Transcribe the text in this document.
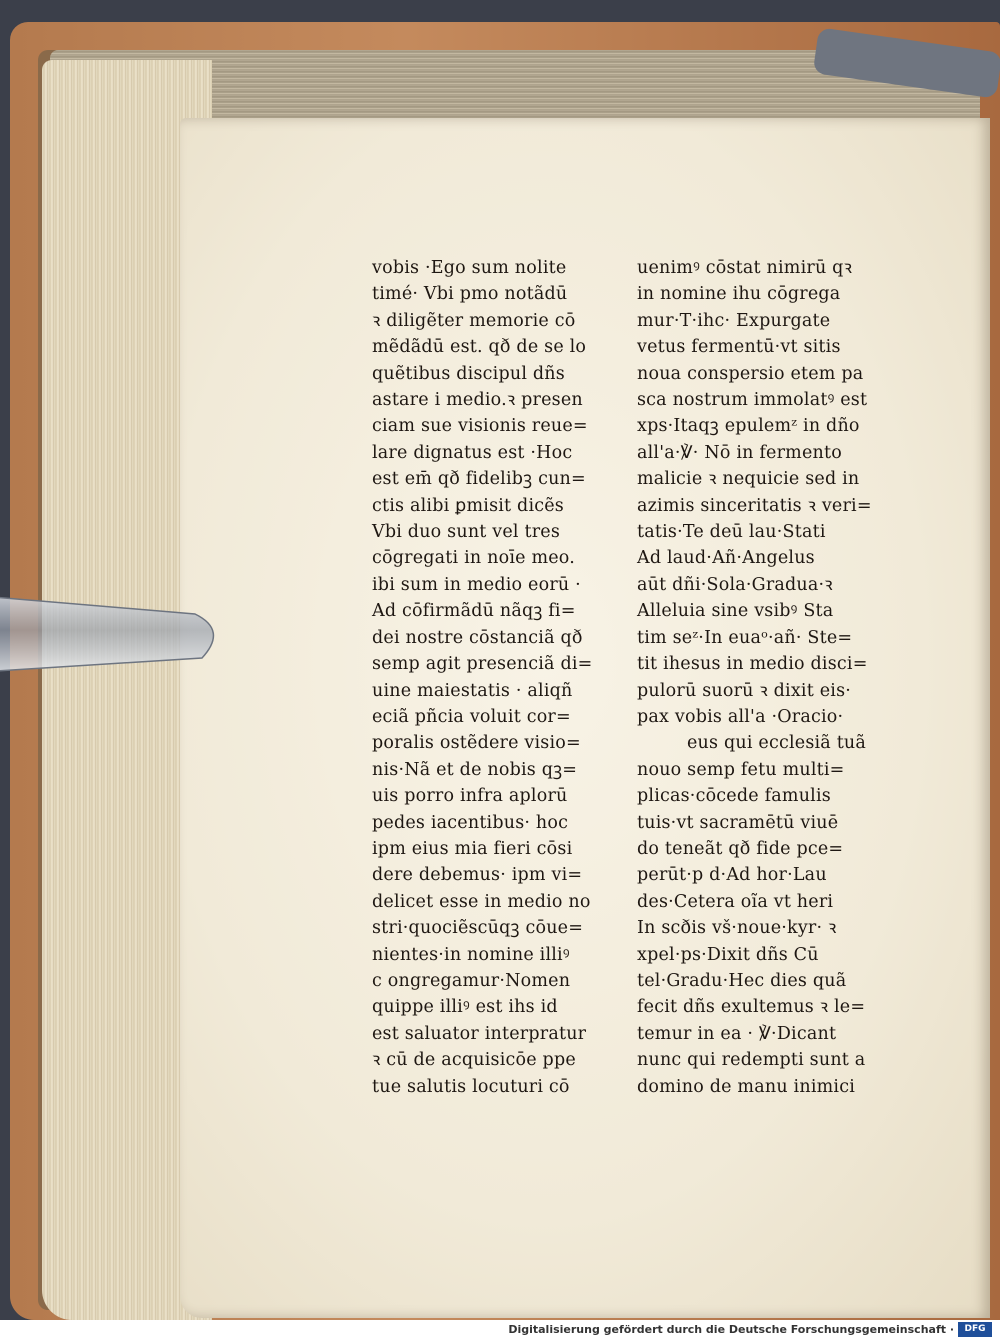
vobis ·Ego sum nolite
timé· Vbi pmo notãdū
ꝛ diligẽter memorie cō
mẽdãdū est. qð de se lo
quẽtibus discipul dñs
astare i medio.ꝛ presen
ciam sue visionis reue=
lare dignatus est ·Hoc
est em̄ qð fidelibꝫ cun=
ctis alibi ꝑmisit dicẽs
Vbi duo sunt vel tres
cōgregati in noīe meo.
ibi sum in medio eorū ·
Ad cōfirmãdū nãqꝫ fi=
dei nostre cōstanciã qð
semp agit presenciã di=
uine maiestatis · aliqñ
eciã pñcia voluit cor=
poralis ostẽdere visio=
nis·Nã et de nobis qꝫ=
uis porro infra aplorū
pedes iacentibus· hoc
ipm eius mia fieri cōsi
dere debemus· ipm vi=
delicet esse in medio no
stri·quociẽscūqꝫ cōue=
nientes·in nomine illiꝰ
c ongregamur·Nomen
quippe illiꝰ est ihs id
est saluator interpratur
ꝛ cū de acquisicōe ppe
tue salutis locuturi cō
uenimꝰ cōstat nimirū qꝛ
in nomine ihu cōgrega
mur·T·ihc· Expurgate
vetus fermentū·vt sitis
noua conspersio etem pa
sca nostrum immolatꝰ est
xps·Itaqꝫ epulemᶻ in dño
all'a·℣· Nō in fermento
malicie ꝛ nequicie sed in
azimis sinceritatis ꝛ veri=
tatis·Te deū lau·Stati
Ad laud·Añ·Angelus
aūt dñi·Sola·Gradua·ꝛ
Alleluia sine vsibꝰ Sta
tim seᶻ·In euaᵒ·añ· Ste=
tit ihesus in medio disci=
pulorū suorū ꝛ dixit eis·
pax vobis all'a ·Oracio·
eus qui ecclesiã tuã
nouo semp fetu multi=
plicas·cōcede famulis
tuis·vt sacramētū viuē
do teneãt qð fide pce=
perūt·p d·Ad hor·Lau
des·Cetera oĩa vt heri
In scðis vš·noue·kyr· ꝛ
xpel·ps·Dixit dñs Cū
tel·Gradu·Hec dies quã
fecit dñs exultemus ꝛ le=
temur in ea · ℣·Dicant
nunc qui redempti sunt a
domino de manu inimici
Digitalisierung gefördert durch die Deutsche Forschungsgemeinschaft ·	DFG
